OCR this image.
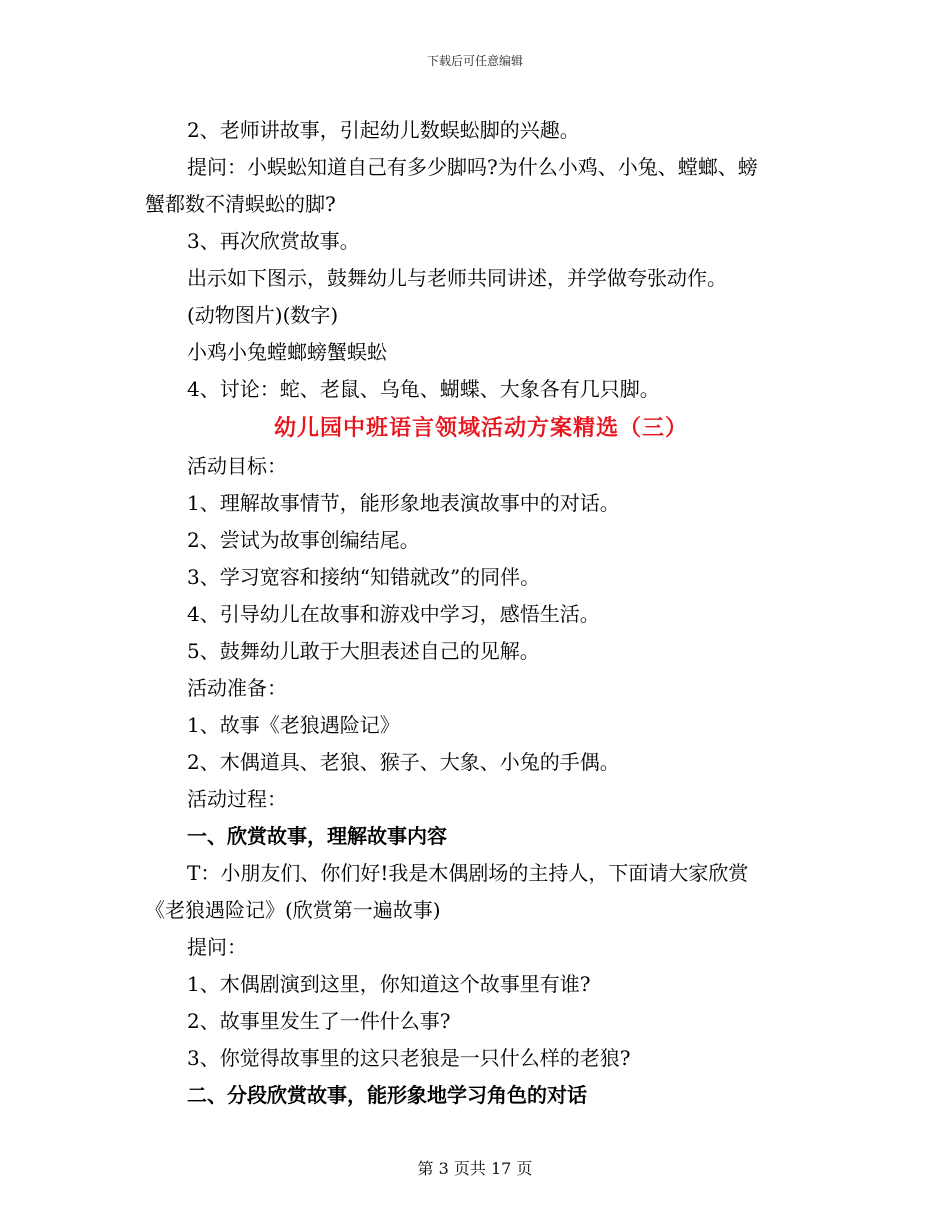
下载后可任意编辑
2、老师讲故事，引起幼儿数蜈蚣脚的兴趣。
提问：小蜈蚣知道自己有多少脚吗?为什么小鸡、小兔、螳螂、螃
蟹都数不清蜈蚣的脚?
3、再次欣赏故事。
出示如下图示，鼓舞幼儿与老师共同讲述，并学做夸张动作。
(动物图片)(数字)
小鸡小兔螳螂螃蟹蜈蚣
4、讨论：蛇、老鼠、乌龟、蝴蝶、大象各有几只脚。
幼儿园中班语言领域活动方案精选（三）
活动目标：
1、理解故事情节，能形象地表演故事中的对话。
2、尝试为故事创编结尾。
3、学习宽容和接纳“知错就改”的同伴。
4、引导幼儿在故事和游戏中学习，感悟生活。
5、鼓舞幼儿敢于大胆表述自己的见解。
活动准备：
1、故事《老狼遇险记》
2、木偶道具、老狼、猴子、大象、小兔的手偶。
活动过程：
一、欣赏故事，理解故事内容
T：小朋友们、你们好!我是木偶剧场的主持人，下面请大家欣赏
《老狼遇险记》(欣赏第一遍故事)
提问：
1、木偶剧演到这里，你知道这个故事里有谁?
2、故事里发生了一件什么事?
3、你觉得故事里的这只老狼是一只什么样的老狼?
二、分段欣赏故事，能形象地学习角色的对话
第 3 页共 17 页
